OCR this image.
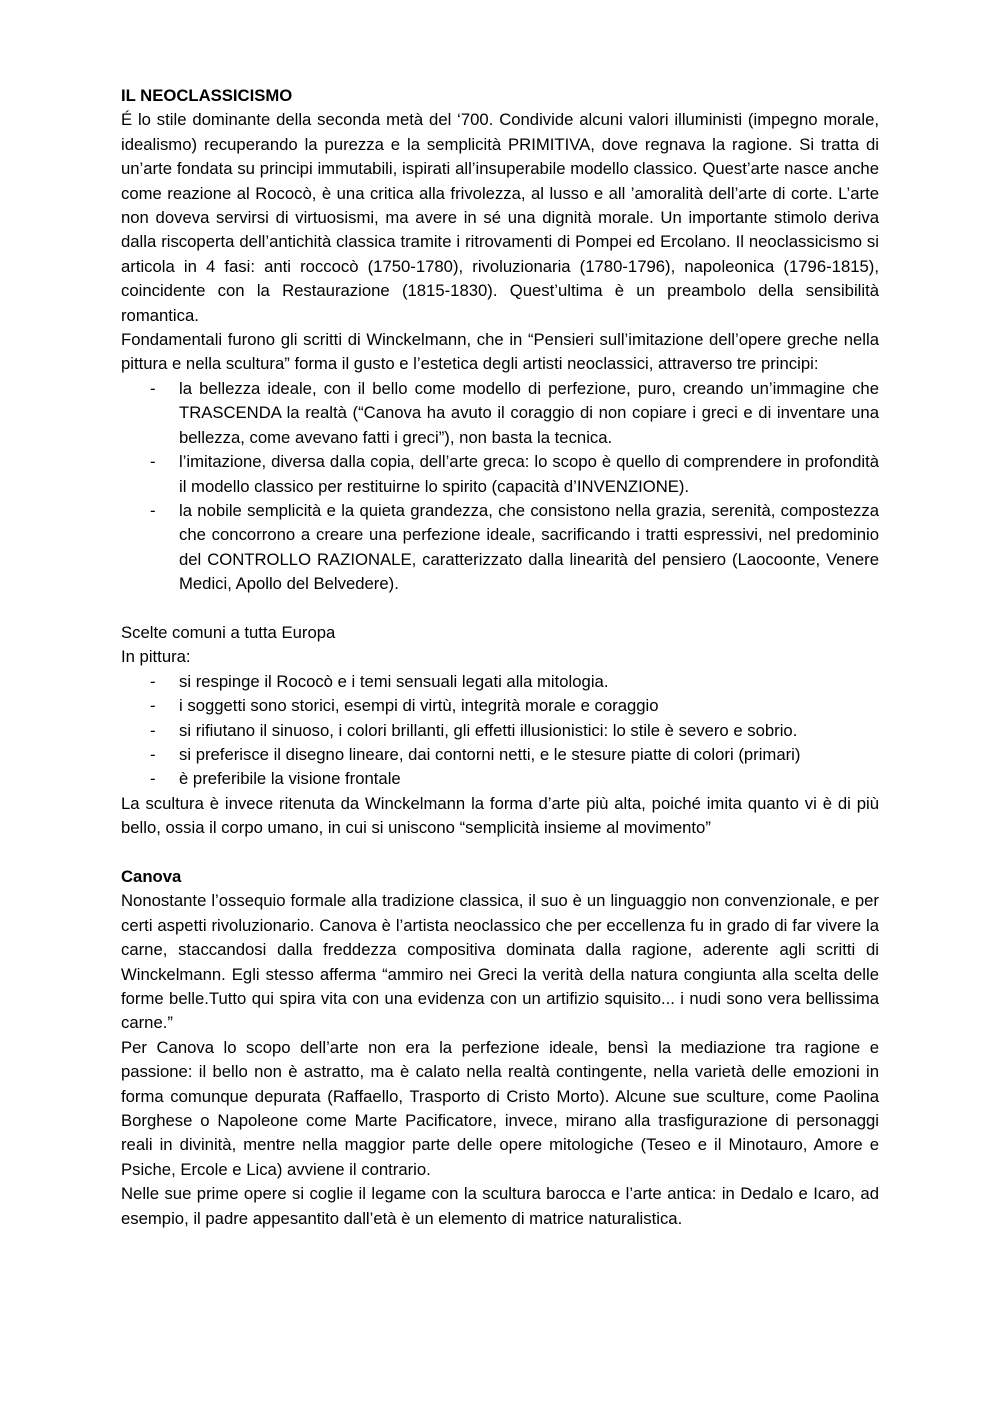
IL NEOCLASSICISMO

É lo stile dominante della seconda metà del ‘700. Condivide alcuni valori illuministi (impegno morale, idealismo) recuperando la purezza e la semplicità PRIMITIVA, dove regnava la ragione. Si tratta di un’arte fondata su principi immutabili, ispirati all’insuperabile modello classico. Quest’arte nasce anche come reazione al Rococò, è una critica alla frivolezza, al lusso e all ’amoralità dell’arte di corte. L’arte non doveva servirsi di virtuosismi, ma avere in sé una dignità morale. Un importante stimolo deriva dalla riscoperta dell’antichità classica tramite i ritrovamenti di Pompei ed Ercolano. Il neoclassicismo si articola in 4 fasi: anti roccocò (1750-1780), rivoluzionaria (1780-1796), napoleonica (1796-1815), coincidente con la Restaurazione (1815-1830). Quest’ultima è un preambolo della sensibilità romantica.

Fondamentali furono gli scritti di Winckelmann, che in “Pensieri sull’imitazione dell’opere greche nella pittura e nella scultura” forma il gusto e l’estetica degli artisti neoclassici, attraverso tre principi:

- la bellezza ideale, con il bello come modello di perfezione, puro, creando un’immagine che TRASCENDA la realtà (“Canova ha avuto il coraggio di non copiare i greci e di inventare una bellezza, come avevano fatti i greci”), non basta la tecnica.

- l’imitazione, diversa dalla copia, dell’arte greca: lo scopo è quello di comprendere in profondità il modello classico per restituirne lo spirito (capacità d’INVENZIONE).

- la nobile semplicità e la quieta grandezza, che consistono nella grazia, serenità, compostezza che concorrono a creare una perfezione ideale, sacrificando i tratti espressivi, nel predominio del CONTROLLO RAZIONALE, caratterizzato dalla linearità del pensiero (Laocoonte, Venere Medici, Apollo del Belvedere).

Scelte comuni a tutta Europa

In pittura:

- si respinge il Rococò e i temi sensuali legati alla mitologia.

- i soggetti sono storici, esempi di virtù, integrità morale e coraggio

- si rifiutano il sinuoso, i colori brillanti, gli effetti illusionistici: lo stile è severo e sobrio.

- si preferisce il disegno lineare, dai contorni netti, e le stesure piatte di colori (primari)

- è preferibile la visione frontale

La scultura è invece ritenuta da Winckelmann la forma d’arte più alta, poiché imita quanto vi è di più bello, ossia il corpo umano, in cui si uniscono “semplicità insieme al movimento”

Canova

Nonostante l’ossequio formale alla tradizione classica, il suo è un linguaggio non convenzionale, e per certi aspetti rivoluzionario. Canova è l’artista neoclassico che per eccellenza fu in grado di far vivere la carne, staccandosi dalla freddezza compositiva dominata dalla ragione, aderente agli scritti di Winckelmann. Egli stesso afferma “ammiro nei Greci la verità della natura congiunta alla scelta delle forme belle.Tutto qui spira vita con una evidenza con un artifizio squisito... i nudi sono vera bellissima carne.”

Per Canova lo scopo dell’arte non era la perfezione ideale, bensì la mediazione tra ragione e passione: il bello non è astratto, ma è calato nella realtà contingente, nella varietà delle emozioni in forma comunque depurata (Raffaello, Trasporto di Cristo Morto). Alcune sue sculture, come Paolina Borghese o Napoleone come Marte Pacificatore, invece, mirano alla trasfigurazione di personaggi reali in divinità, mentre nella maggior parte delle opere mitologiche (Teseo e il Minotauro, Amore e Psiche, Ercole e Lica) avviene il contrario.

Nelle sue prime opere si coglie il legame con la scultura barocca e l’arte antica: in Dedalo e Icaro, ad esempio, il padre appesantito dall’età è un elemento di matrice naturalistica.
